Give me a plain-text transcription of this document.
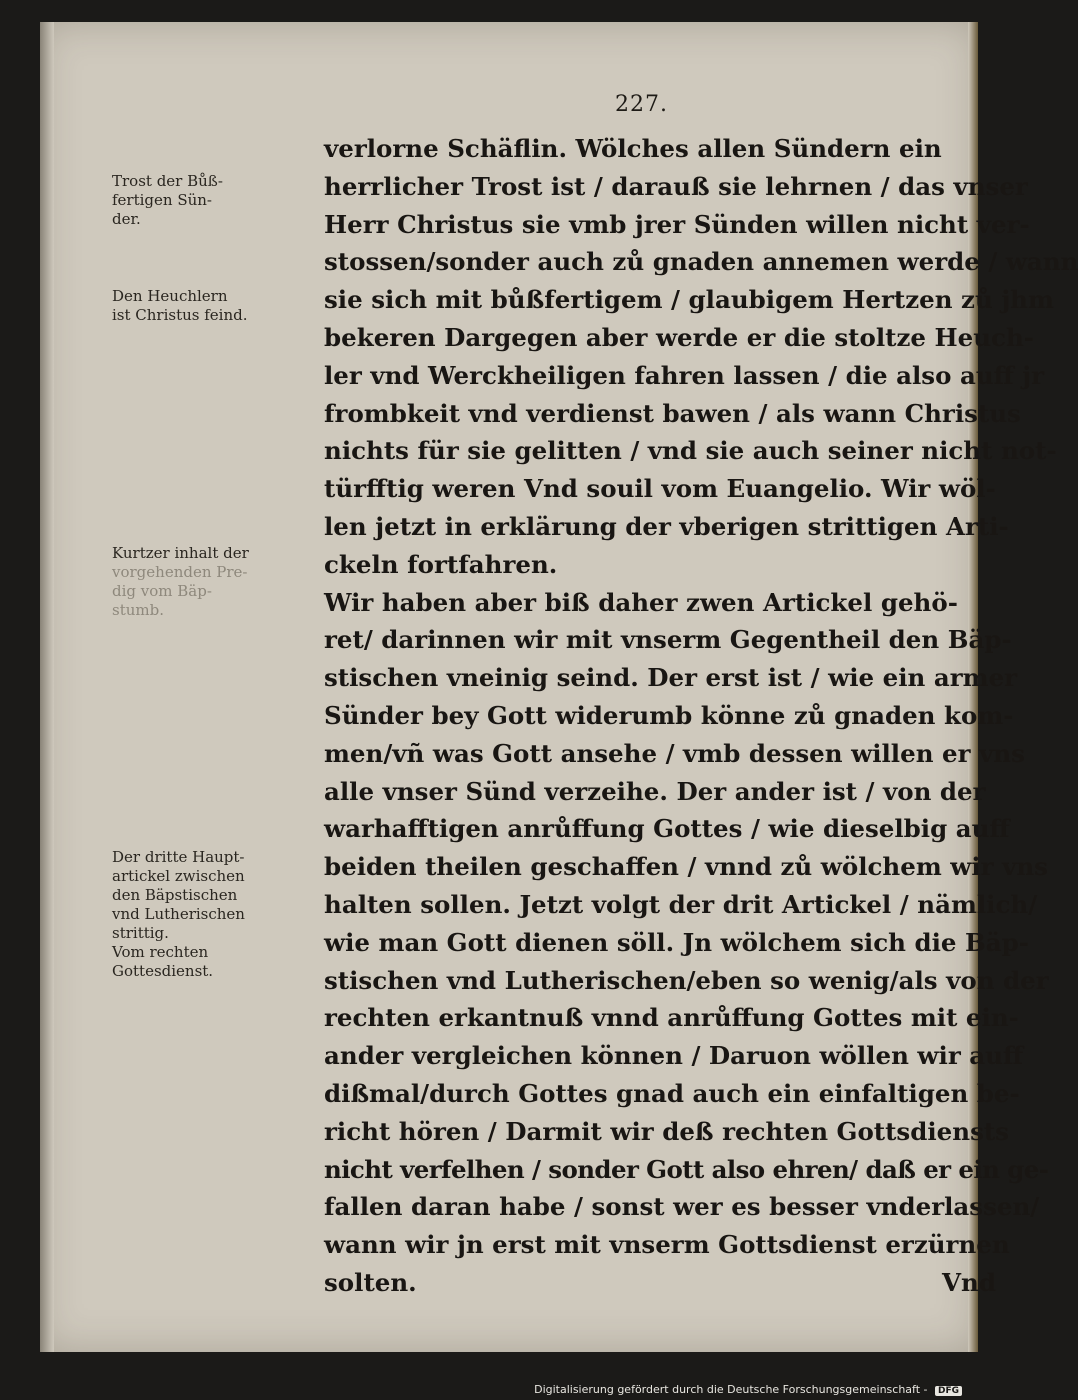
227.
verlorne Schäflin. Wölches allen Sündern ein
herrlicher Trost ist / darauß sie lehrnen / das vnser
Herr Christus sie vmb jrer Sünden willen nicht ver-
stossen/sonder auch zů gnaden annemen werde / wann
sie sich mit bůßfertigem / glaubigem Hertzen zů jhm
bekeren Dargegen aber werde er die stoltze Heuch-
ler vnd Werckheiligen fahren lassen / die also auff jr
frombkeit vnd verdienst bawen / als wann Christus
nichts für sie gelitten / vnd sie auch seiner nicht not-
türfftig weren Vnd souil vom Euangelio. Wir wöl-
len jetzt in erklärung der vberigen strittigen Arti-
ckeln fortfahren.
Wir haben aber biß daher zwen Artickel gehö-
ret/ darinnen wir mit vnserm Gegentheil den Bäp-
stischen vneinig seind. Der erst ist / wie ein armer
Sünder bey Gott widerumb könne zů gnaden kom-
men/vñ was Gott ansehe / vmb dessen willen er vns
alle vnser Sünd verzeihe. Der ander ist / von der
warhafftigen anrůffung Gottes / wie dieselbig auff
beiden theilen geschaffen / vnnd zů wölchem wir vns
halten sollen. Jetzt volgt der drit Artickel / nämlich/
wie man Gott dienen söll. Jn wölchem sich die Bäp-
stischen vnd Lutherischen/eben so wenig/als von der
rechten erkantnuß vnnd anrůffung Gottes mit ein-
ander vergleichen können / Daruon wöllen wir auff
dißmal/durch Gottes gnad auch ein einfaltigen be-
richt hören / Darmit wir deß rechten Gottsdiensts
nicht verfelhen / sonder Gott also ehren/ daß er ein ge-
fallen daran habe / sonst wer es besser vnderlassen/
wann wir jn erst mit vnserm Gottsdienst erzürnen
solten.	Vnd
Trost der Bůß-
fertigen Sün-
der.
Den Heuchlern
ist Christus feind.
Kurtzer inhalt der
vorgehenden Pre-
dig vom Bäp-
stumb.
Der dritte Haupt-
artickel zwischen
den Bäpstischen
vnd Lutherischen
strittig.
Vom rechten
Gottesdienst.
Digitalisierung gefördert durch die Deutsche Forschungsgemeinschaft - DFG
